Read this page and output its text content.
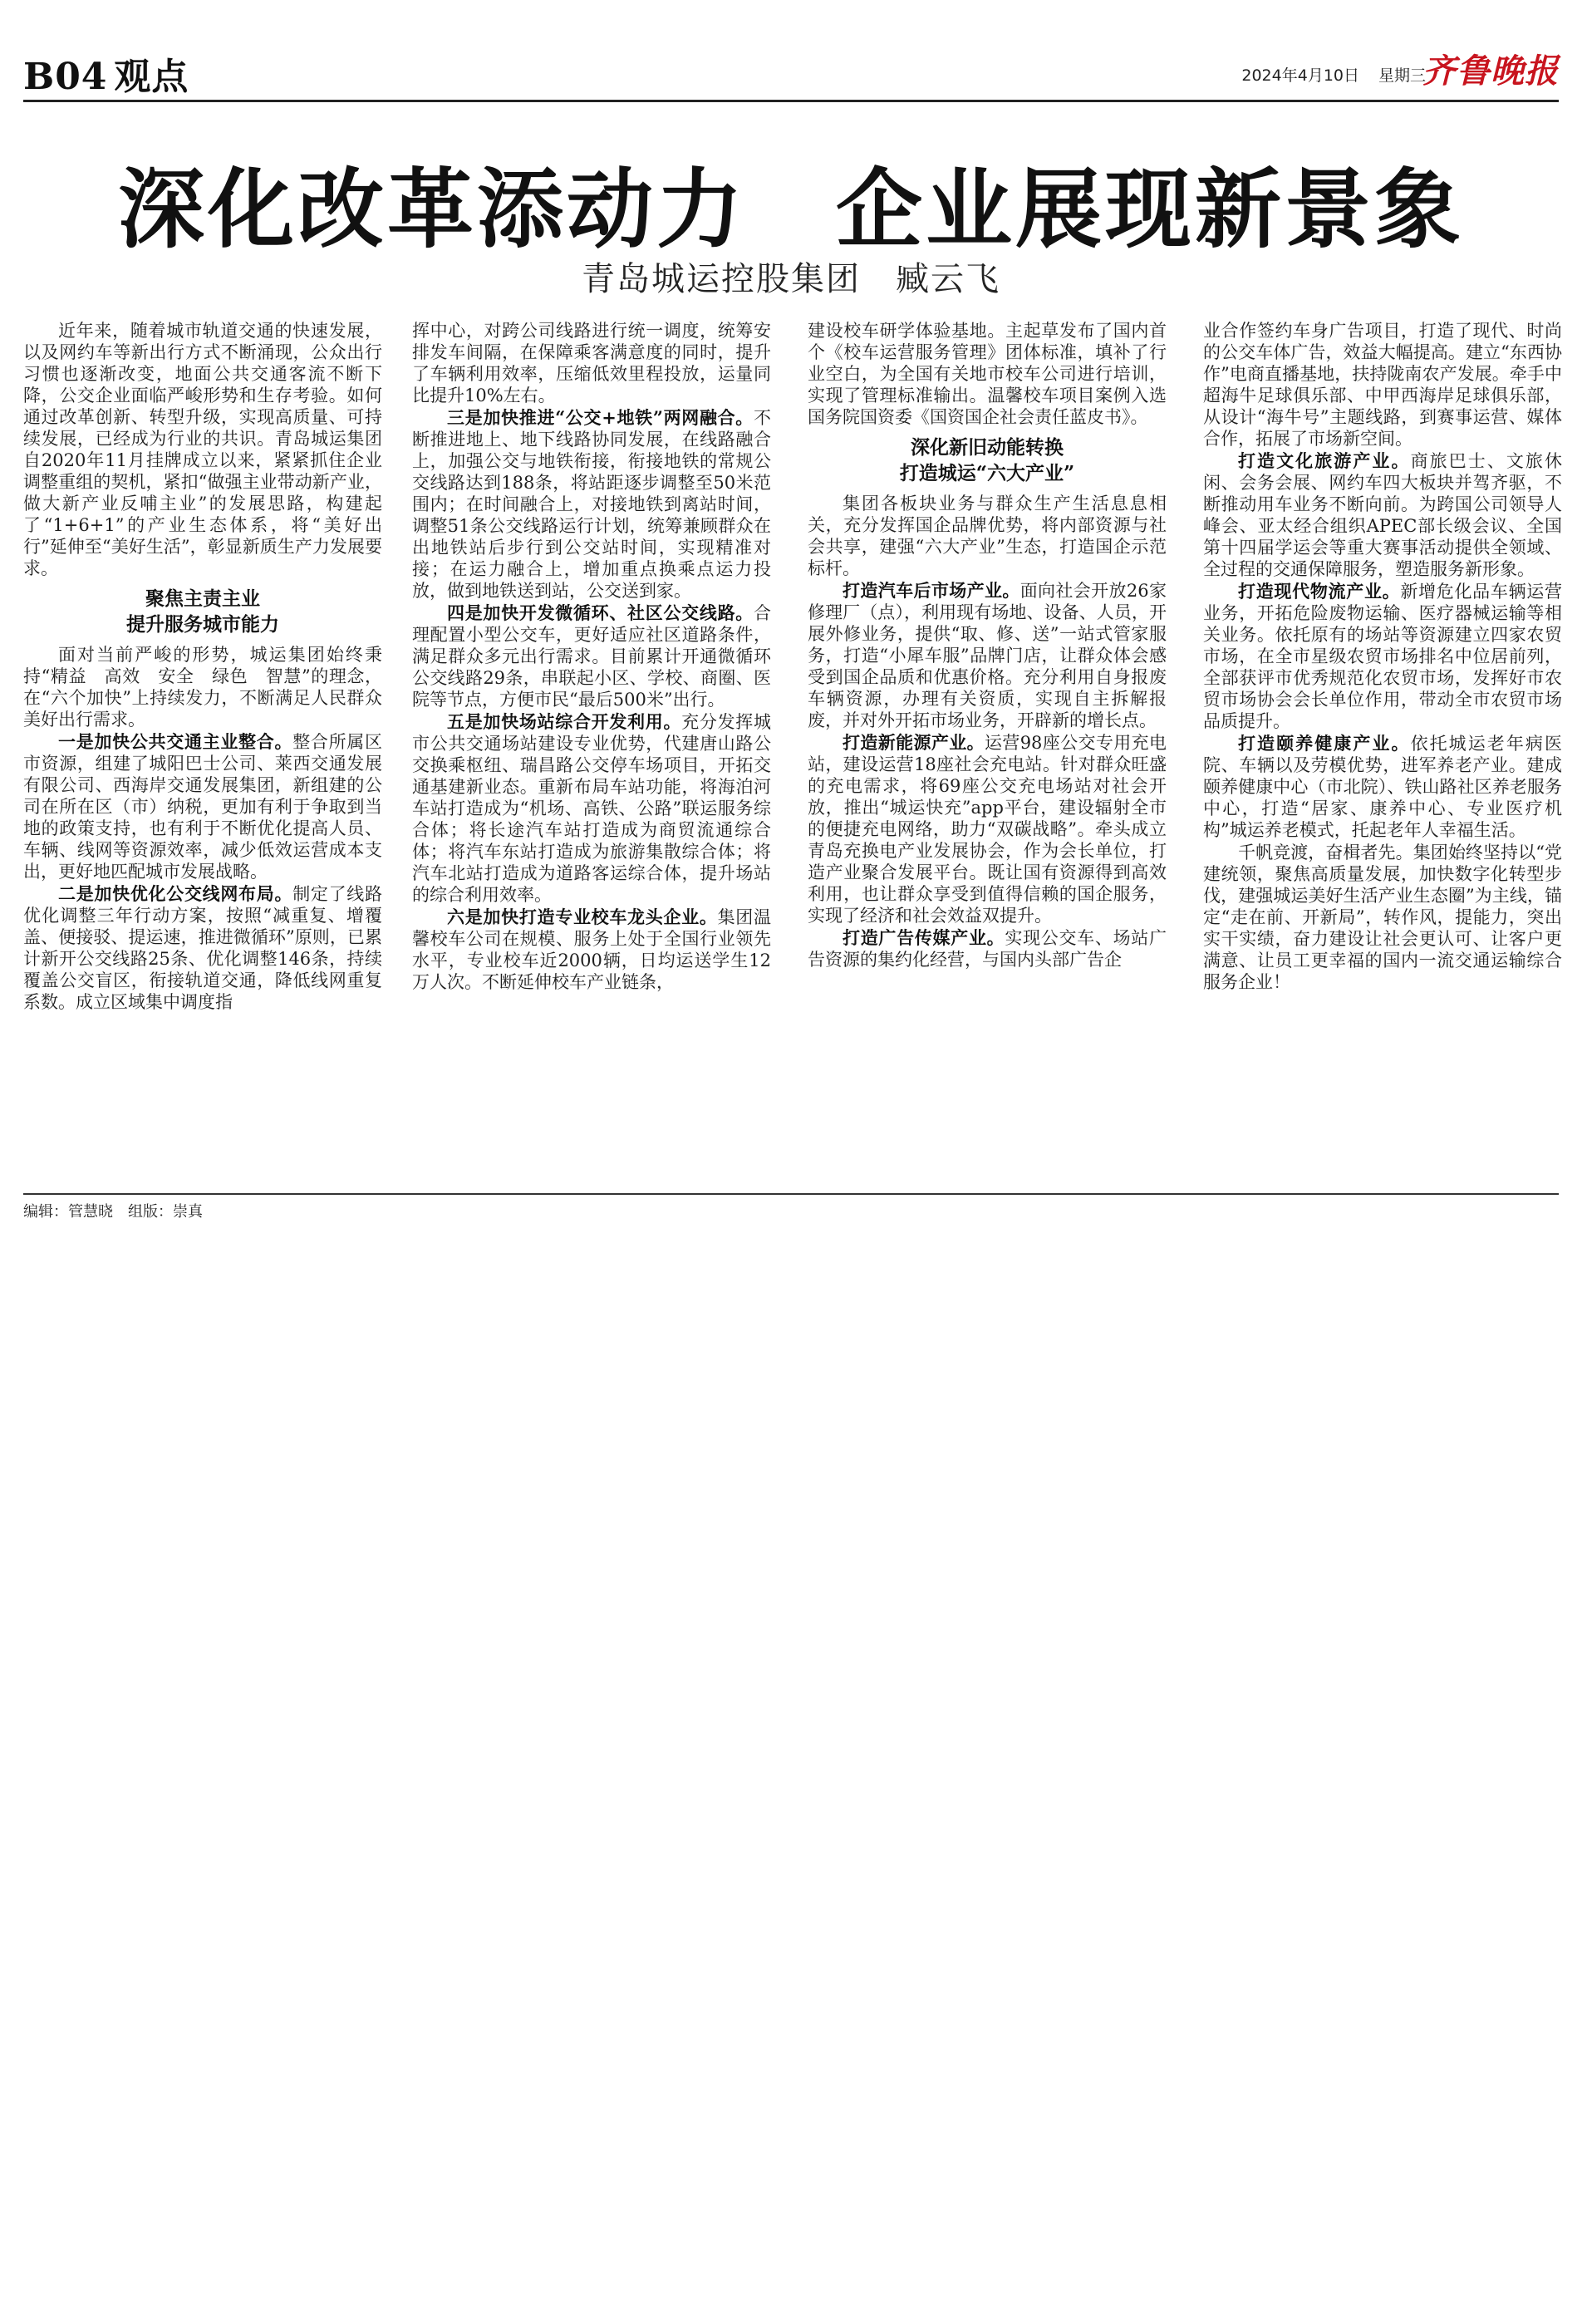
B04 观点	2024年4月10日 星期三
齐鲁晚报
深化改革添动力　企业展现新景象
青岛城运控股集团　臧云飞

近年来，随着城市轨道交通的快速发展，以及网约车等新出行方式不断涌现，公众出行习惯也逐渐改变，地面公共交通客流不断下降，公交企业面临严峻形势和生存考验。如何通过改革创新、转型升级，实现高质量、可持续发展，已经成为行业的共识。青岛城运集团自2020年11月挂牌成立以来，紧紧抓住企业调整重组的契机，紧扣“做强主业带动新产业，做大新产业反哺主业”的发展思路，构建起了“1+6+1”的产业生态体系，将“美好出行”延伸至“美好生活”，彰显新质生产力发展要求。

聚焦主责主业
提升服务城市能力

面对当前严峻的形势，城运集团始终秉持“精益　高效　安全　绿色　智慧”的理念，在“六个加快”上持续发力，不断满足人民群众美好出行需求。

一是加快公共交通主业整合。整合所属区市资源，组建了城阳巴士公司、莱西交通发展有限公司、西海岸交通发展集团，新组建的公司在所在区（市）纳税，更加有利于争取到当地的政策支持，也有利于不断优化提高人员、车辆、线网等资源效率，减少低效运营成本支出，更好地匹配城市发展战略。

二是加快优化公交线网布局。制定了线路优化调整三年行动方案，按照“减重复、增覆盖、便接驳、提运速，推进微循环”原则，已累计新开公交线路25条、优化调整146条，持续覆盖公交盲区，衔接轨道交通，降低线网重复系数。成立区域集中调度指

挥中心，对跨公司线路进行统一调度，统筹安排发车间隔，在保障乘客满意度的同时，提升了车辆利用效率，压缩低效里程投放，运量同比提升10%左右。

三是加快推进“公交+地铁”两网融合。不断推进地上、地下线路协同发展，在线路融合上，加强公交与地铁衔接，衔接地铁的常规公交线路达到188条，将站距逐步调整至50米范围内；在时间融合上，对接地铁到离站时间，调整51条公交线路运行计划，统筹兼顾群众在出地铁站后步行到公交站时间，实现精准对接；在运力融合上，增加重点换乘点运力投放，做到地铁送到站，公交送到家。

四是加快开发微循环、社区公交线路。合理配置小型公交车，更好适应社区道路条件，满足群众多元出行需求。目前累计开通微循环公交线路29条，串联起小区、学校、商圈、医院等节点，方便市民“最后500米”出行。

五是加快场站综合开发利用。充分发挥城市公共交通场站建设专业优势，代建唐山路公交换乘枢纽、瑞昌路公交停车场项目，开拓交通基建新业态。重新布局车站功能，将海泊河车站打造成为“机场、高铁、公路”联运服务综合体；将长途汽车站打造成为商贸流通综合体；将汽车东站打造成为旅游集散综合体；将汽车北站打造成为道路客运综合体，提升场站的综合利用效率。

六是加快打造专业校车龙头企业。集团温馨校车公司在规模、服务上处于全国行业领先水平，专业校车近2000辆，日均运送学生12万人次。不断延伸校车产业链条，

建设校车研学体验基地。主起草发布了国内首个《校车运营服务管理》团体标准，填补了行业空白，为全国有关地市校车公司进行培训，实现了管理标准输出。温馨校车项目案例入选国务院国资委《国资国企社会责任蓝皮书》。

深化新旧动能转换
打造城运“六大产业”

集团各板块业务与群众生产生活息息相关，充分发挥国企品牌优势，将内部资源与社会共享，建强“六大产业”生态，打造国企示范标杆。

打造汽车后市场产业。面向社会开放26家修理厂（点），利用现有场地、设备、人员，开展外修业务，提供“取、修、送”一站式管家服务，打造“小犀车服”品牌门店，让群众体会感受到国企品质和优惠价格。充分利用自身报废车辆资源，办理有关资质，实现自主拆解报废，并对外开拓市场业务，开辟新的增长点。

打造新能源产业。运营98座公交专用充电站，建设运营18座社会充电站。针对群众旺盛的充电需求，将69座公交充电场站对社会开放，推出“城运快充”app平台，建设辐射全市的便捷充电网络，助力“双碳战略”。牵头成立青岛充换电产业发展协会，作为会长单位，打造产业聚合发展平台。既让国有资源得到高效利用，也让群众享受到值得信赖的国企服务，实现了经济和社会效益双提升。

打造广告传媒产业。实现公交车、场站广告资源的集约化经营，与国内头部广告企

业合作签约车身广告项目，打造了现代、时尚的公交车体广告，效益大幅提高。建立“东西协作”电商直播基地，扶持陇南农产发展。牵手中超海牛足球俱乐部、中甲西海岸足球俱乐部，从设计“海牛号”主题线路，到赛事运营、媒体合作，拓展了市场新空间。

打造文化旅游产业。商旅巴士、文旅休闲、会务会展、网约车四大板块并驾齐驱，不断推动用车业务不断向前。为跨国公司领导人峰会、亚太经合组织APEC部长级会议、全国第十四届学运会等重大赛事活动提供全领域、全过程的交通保障服务，塑造服务新形象。

打造现代物流产业。新增危化品车辆运营业务，开拓危险废物运输、医疗器械运输等相关业务。依托原有的场站等资源建立四家农贸市场，在全市星级农贸市场排名中位居前列，全部获评市优秀规范化农贸市场，发挥好市农贸市场协会会长单位作用，带动全市农贸市场品质提升。

打造颐养健康产业。依托城运老年病医院、车辆以及劳模优势，进军养老产业。建成颐养健康中心（市北院）、铁山路社区养老服务中心，打造“居家、康养中心、专业医疗机构”城运养老模式，托起老年人幸福生活。

千帆竞渡，奋楫者先。集团始终坚持以“党建统领，聚焦高质量发展，加快数字化转型步伐，建强城运美好生活产业生态圈”为主线，锚定“走在前、开新局”，转作风，提能力，突出实干实绩，奋力建设让社会更认可、让客户更满意、让员工更幸福的国内一流交通运输综合服务企业！

编辑：管慧晓　组版：崇真
